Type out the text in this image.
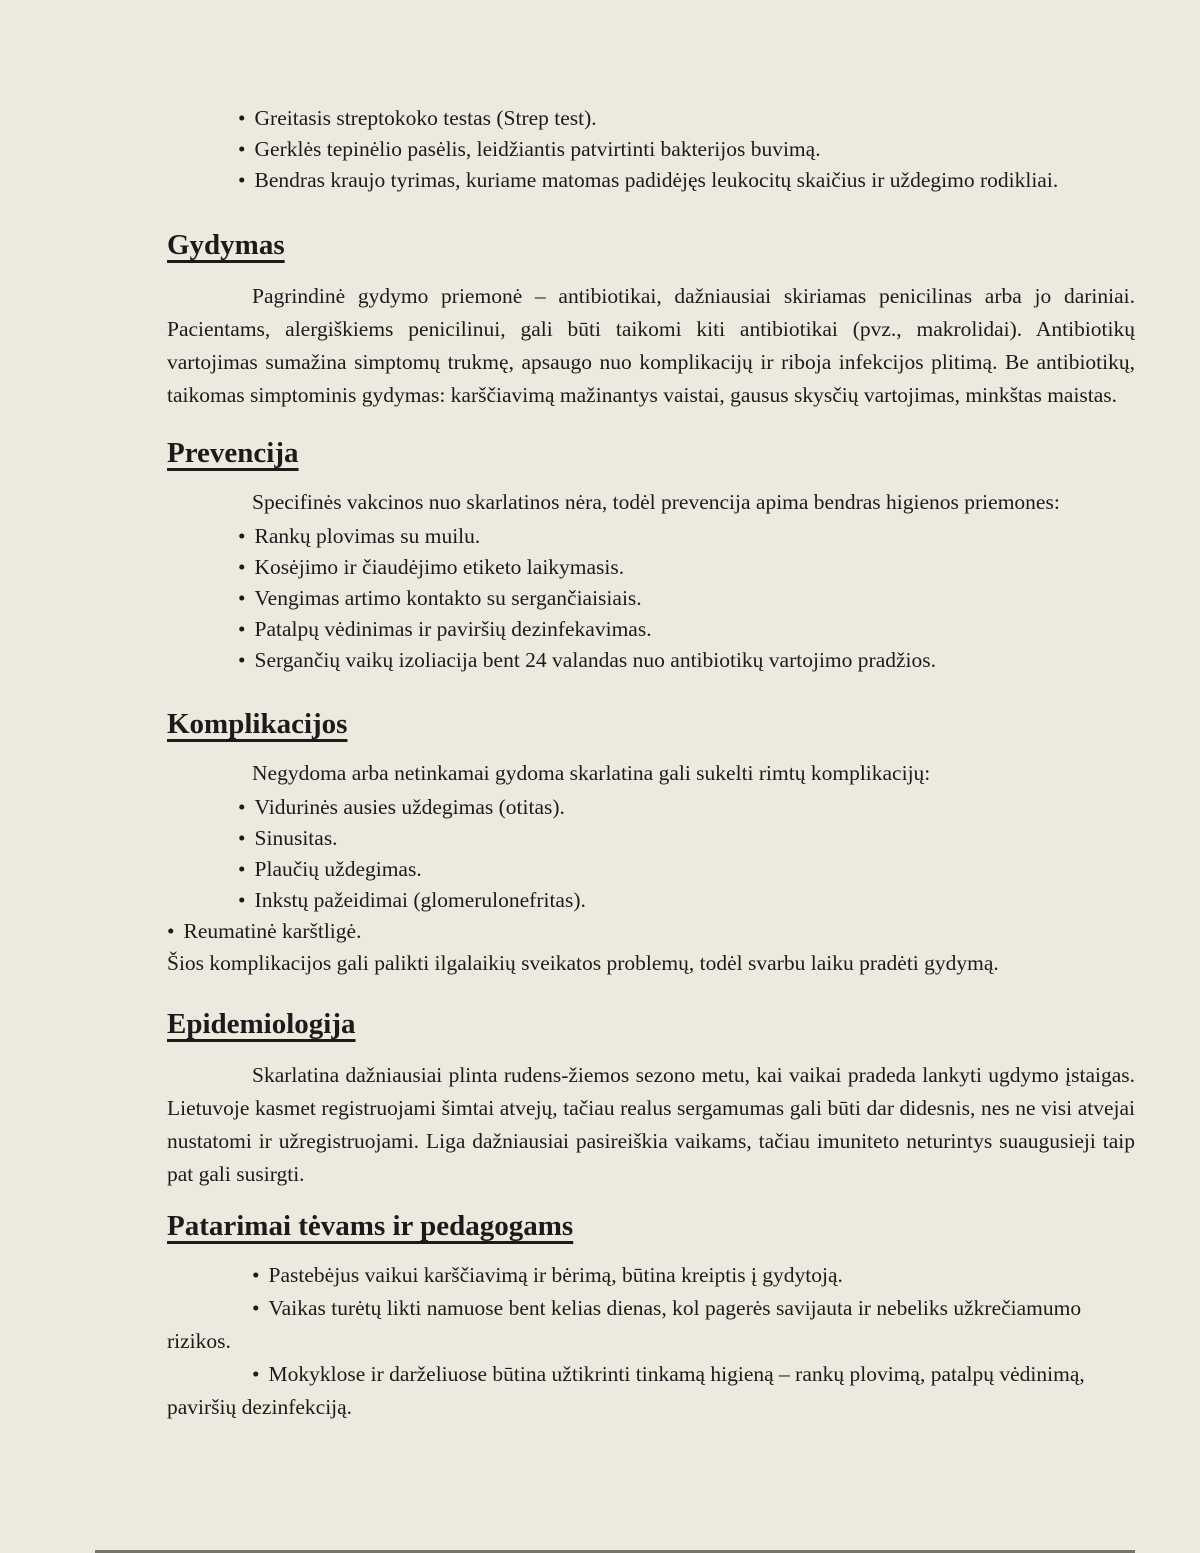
• Greitasis streptokoko testas (Strep test).
• Gerklės tepinėlio pasėlis, leidžiantis patvirtinti bakterijos buvimą.
• Bendras kraujo tyrimas, kuriame matomas padidėjęs leukocitų skaičius ir uždegimo rodikliai.
Gydymas
Pagrindinė gydymo priemonė – antibiotikai, dažniausiai skiriamas penicilinas arba jo dariniai. Pacientams, alergiškiems penicilinui, gali būti taikomi kiti antibiotikai (pvz., makrolidai). Antibiotikų vartojimas sumažina simptomų trukmę, apsaugo nuo komplikacijų ir riboja infekcijos plitimą. Be antibiotikų, taikomas simptominis gydymas: karščiavimą mažinantys vaistai, gausus skysčių vartojimas, minkštas maistas.
Prevencija
Specifinės vakcinos nuo skarlatinos nėra, todėl prevencija apima bendras higienos priemones:
• Rankų plovimas su muilu.
• Kosėjimo ir čiaudėjimo etiketo laikymasis.
• Vengimas artimo kontakto su sergančiaisiais.
• Patalpų vėdinimas ir paviršių dezinfekavimas.
• Sergančių vaikų izoliacija bent 24 valandas nuo antibiotikų vartojimo pradžios.
Komplikacijos
Negydoma arba netinkamai gydoma skarlatina gali sukelti rimtų komplikacijų:
• Vidurinės ausies uždegimas (otitas).
• Sinusitas.
• Plaučių uždegimas.
• Inkstų pažeidimai (glomerulonefritas).
• Reumatinė karštligė.
Šios komplikacijos gali palikti ilgalaikių sveikatos problemų, todėl svarbu laiku pradėti gydymą.
Epidemiologija
Skarlatina dažniausiai plinta rudens-žiemos sezono metu, kai vaikai pradeda lankyti ugdymo įstaigas. Lietuvoje kasmet registruojami šimtai atvejų, tačiau realus sergamumas gali būti dar didesnis, nes ne visi atvejai nustatomi ir užregistruojami. Liga dažniausiai pasireiškia vaikams, tačiau imuniteto neturintys suaugusieji taip pat gali susirgti.
Patarimai tėvams ir pedagogams
• Pastebėjus vaikui karščiavimą ir bėrimą, būtina kreiptis į gydytoją.
• Vaikas turėtų likti namuose bent kelias dienas, kol pagerės savijauta ir nebeliks užkrečiamumo rizikos.
• Mokyklose ir darželiuose būtina užtikrinti tinkamą higieną – rankų plovimą, patalpų vėdinimą, paviršių dezinfekciją.
